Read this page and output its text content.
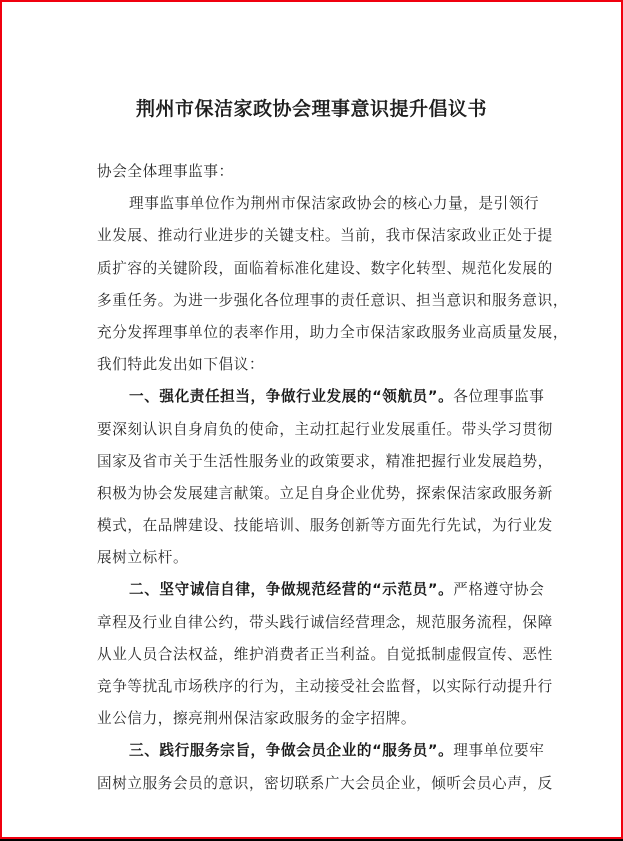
荆州市保洁家政协会理事意识提升倡议书
协会全体理事监事：
理事监事单位作为荆州市保洁家政协会的核心力量，是引领行
业发展、推动行业进步的关键支柱。当前，我市保洁家政业正处于提
质扩容的关键阶段，面临着标准化建设、数字化转型、规范化发展的
多重任务。为进一步强化各位理事的责任意识、担当意识和服务意识，
充分发挥理事单位的表率作用，助力全市保洁家政服务业高质量发展，
我们特此发出如下倡议：
一、强化责任担当，争做行业发展的“领航员”。各位理事监事
要深刻认识自身肩负的使命，主动扛起行业发展重任。带头学习贯彻
国家及省市关于生活性服务业的政策要求，精准把握行业发展趋势，
积极为协会发展建言献策。立足自身企业优势，探索保洁家政服务新
模式，在品牌建设、技能培训、服务创新等方面先行先试，为行业发
展树立标杆。
二、坚守诚信自律，争做规范经营的“示范员”。严格遵守协会
章程及行业自律公约，带头践行诚信经营理念，规范服务流程，保障
从业人员合法权益，维护消费者正当利益。自觉抵制虚假宣传、恶性
竞争等扰乱市场秩序的行为，主动接受社会监督，以实际行动提升行
业公信力，擦亮荆州保洁家政服务的金字招牌。
三、践行服务宗旨，争做会员企业的“服务员”。理事单位要牢
固树立服务会员的意识，密切联系广大会员企业，倾听会员心声，反
